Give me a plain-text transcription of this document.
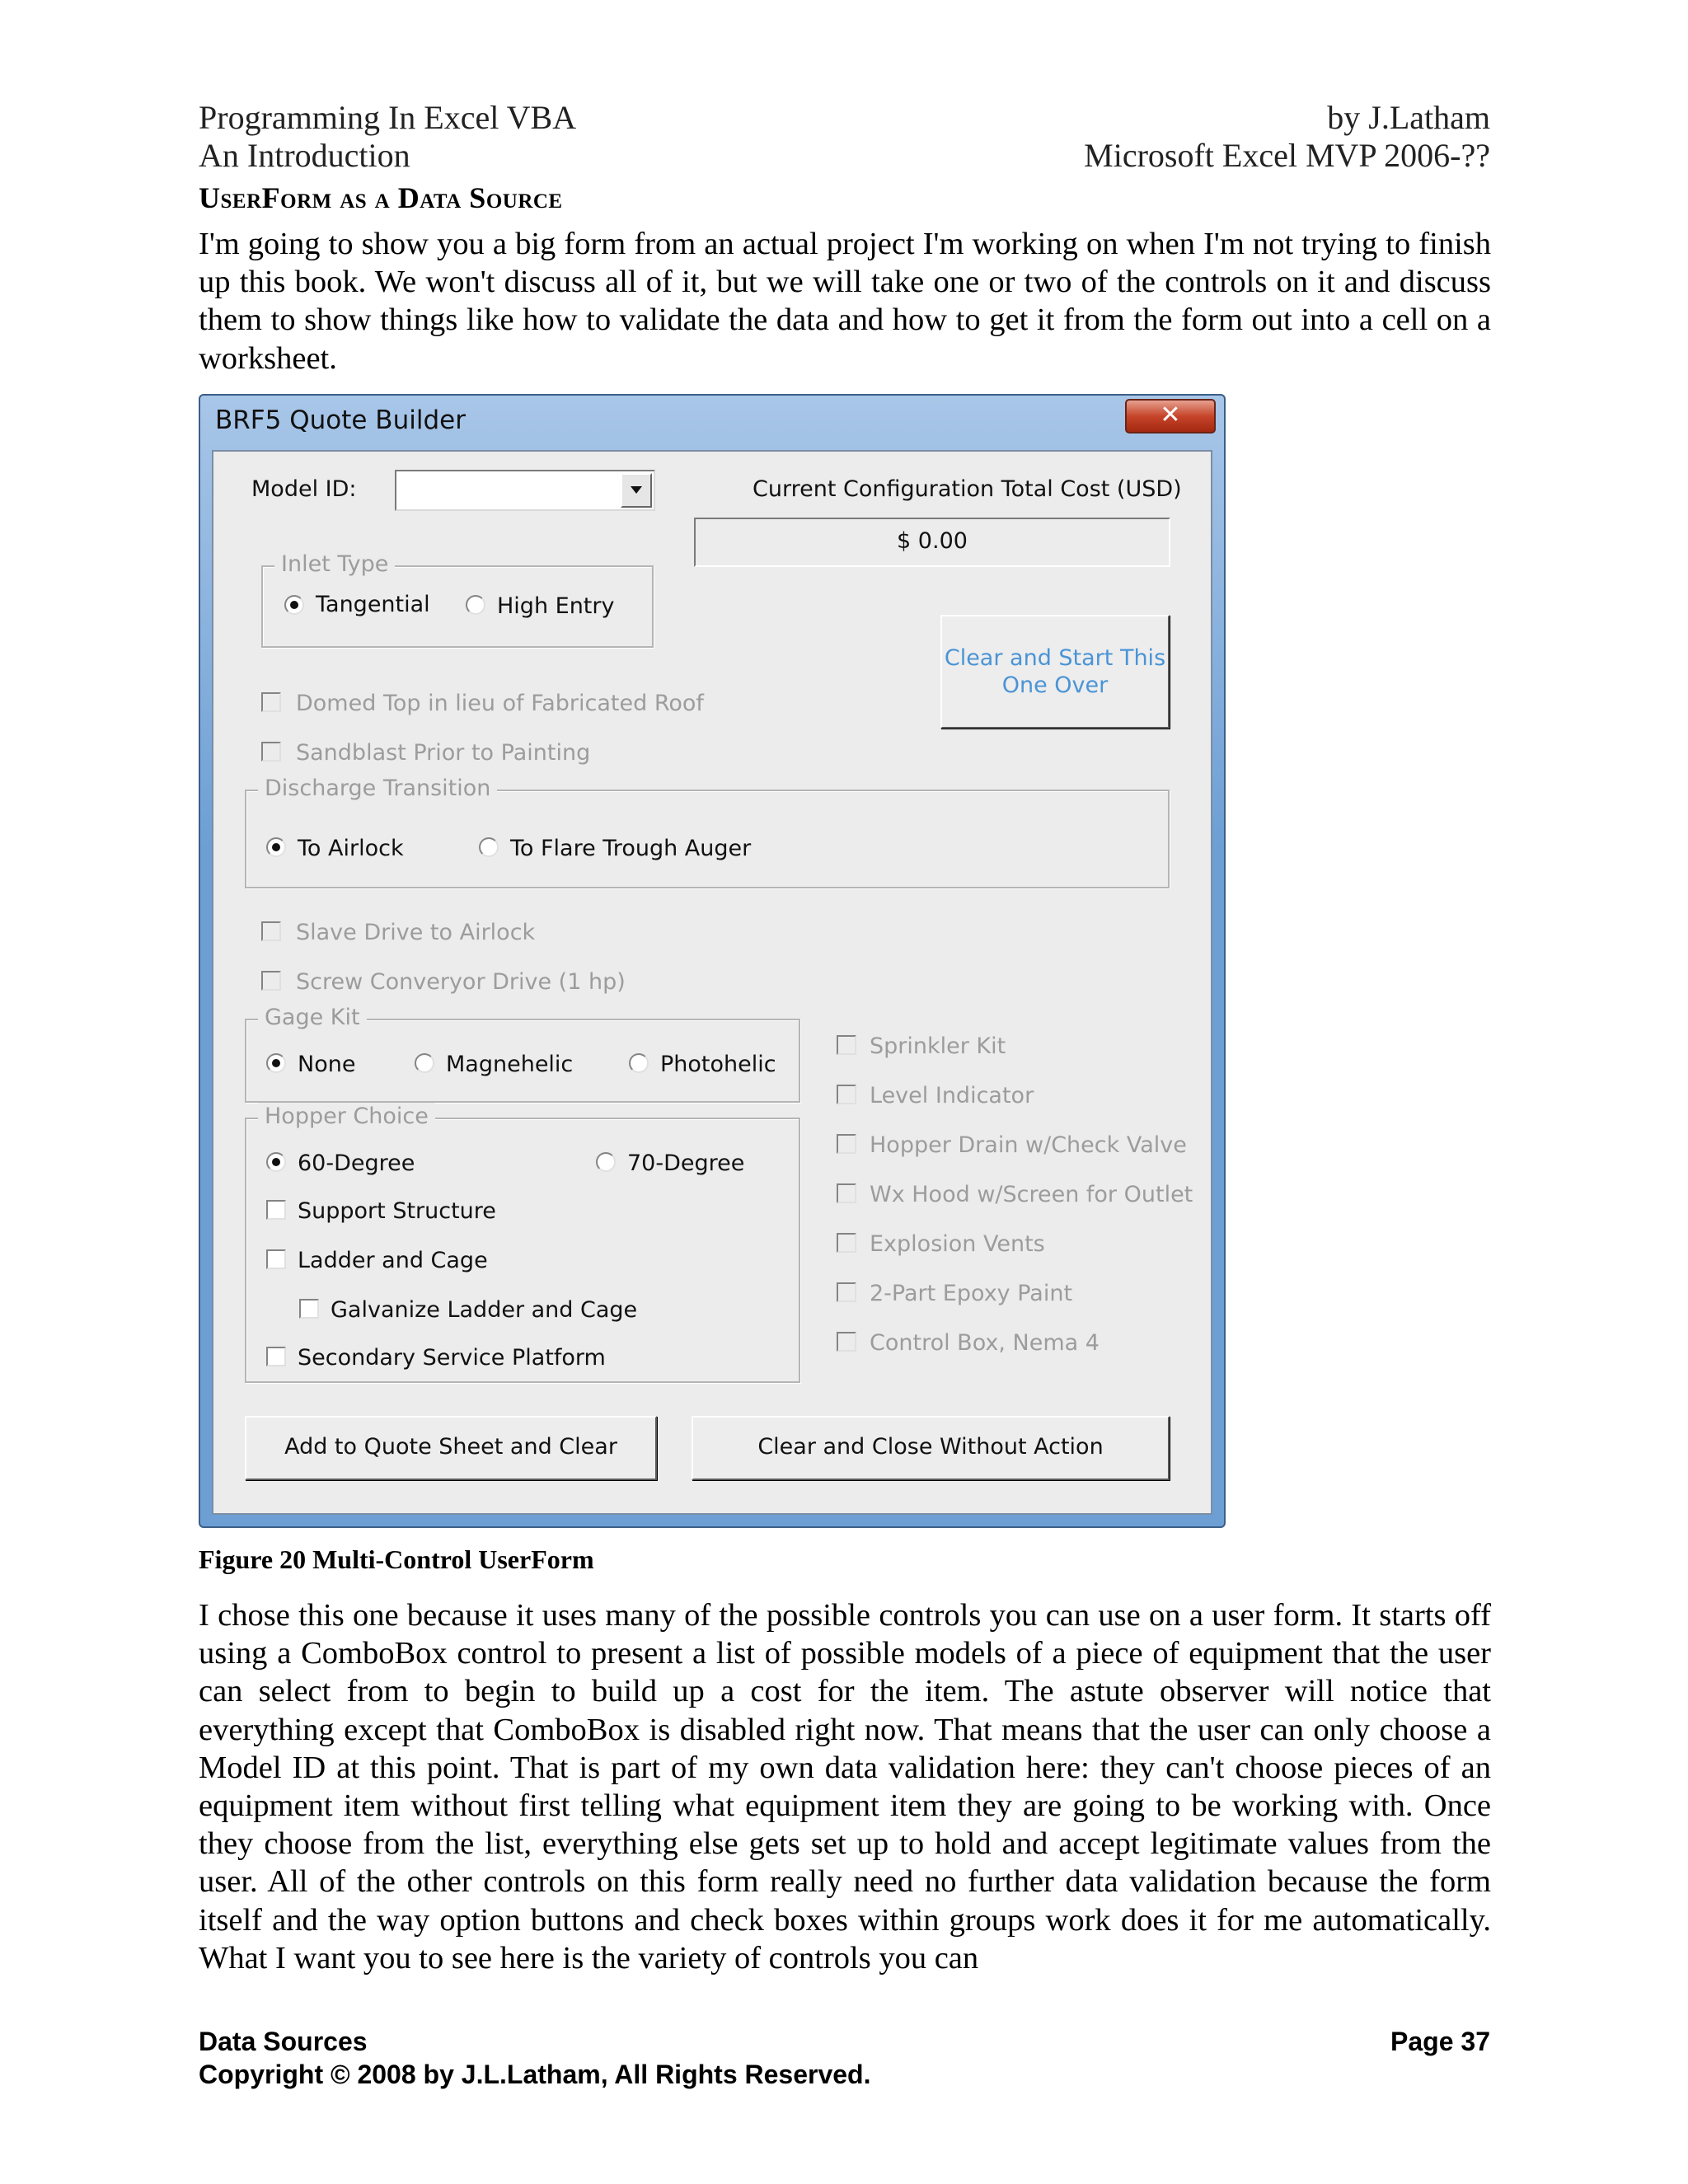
Programming In Excel VBA
An Introduction
by J.Latham
Microsoft Excel MVP 2006-??
UserForm as a Data Source
I'm going to show you a big form from an actual project I'm working on when I'm not trying to finish up this book. We won't discuss all of it, but we will take one or two of the controls on it and discuss them to show things like how to validate the data and how to get it from the form out into a cell on a worksheet.
BRF5 Quote Builder	✕
Model ID:	Current Configuration Total Cost (USD)
$ 0.00
Inlet Type
Tangential	High Entry
Clear and Start This
One Over
Domed Top in lieu of Fabricated Roof
Sandblast Prior to Painting
Discharge Transition
To Airlock	To Flare Trough Auger
Slave Drive to Airlock
Screw Converyor Drive (1 hp)
Gage Kit
None	Magnehelic	Photohelic
Hopper Choice
60-Degree	70-Degree
Support Structure
Ladder and Cage
Galvanize Ladder and Cage
Secondary Service Platform
Sprinkler Kit
Level Indicator
Hopper Drain w/Check Valve
Wx Hood w/Screen for Outlet
Explosion Vents
2-Part Epoxy Paint
Control Box, Nema 4
Add to Quote Sheet and Clear	Clear and Close Without Action
Figure 20 Multi-Control UserForm
I chose this one because it uses many of the possible controls you can use on a user form. It starts off using a ComboBox control to present a list of possible models of a piece of equipment that the user can select from to begin to build up a cost for the item. The astute observer will notice that everything except that ComboBox is disabled right now. That means that the user can only choose a Model ID at this point. That is part of my own data validation here: they can't choose pieces of an equipment item without first telling what equipment item they are going to be working with. Once they choose from the list, everything else gets set up to hold and accept legitimate values from the user. All of the other controls on this form really need no further data validation because the form itself and the way option buttons and check boxes within groups work does it for me automatically. What I want you to see here is the variety of controls you can
Data Sources
Copyright © 2008 by J.L.Latham, All Rights Reserved.
Page 37
